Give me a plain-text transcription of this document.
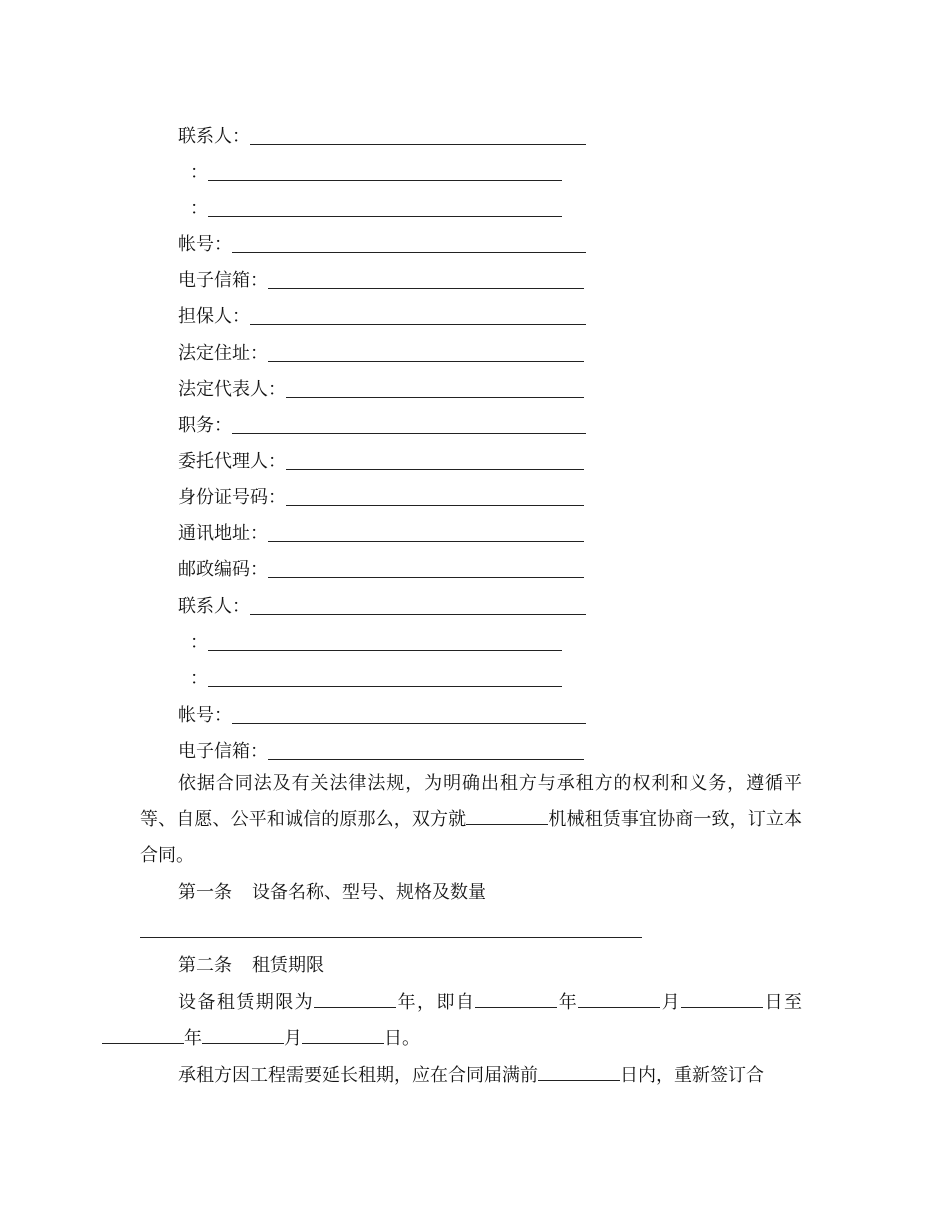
联系人：
：
：
帐号：
电子信箱：
担保人：
法定住址：
法定代表人：
职务：
委托代理人：
身份证号码：
通讯地址：
邮政编码：
联系人：
：
：
帐号：
电子信箱：

依据合同法及有关法律法规，为明确出租方与承租方的权利和义务，遵循平等、自愿、公平和诚信的原那么，双方就	机械租赁事宜协商一致，订立本合同。

第一条 设备名称、型号、规格及数量
第二条 租赁期限

设备租赁期限为	年，即自	年	月	日至年	月	日。

承租方因工程需要延长租期，应在合同届满前	日内，重新签订合
